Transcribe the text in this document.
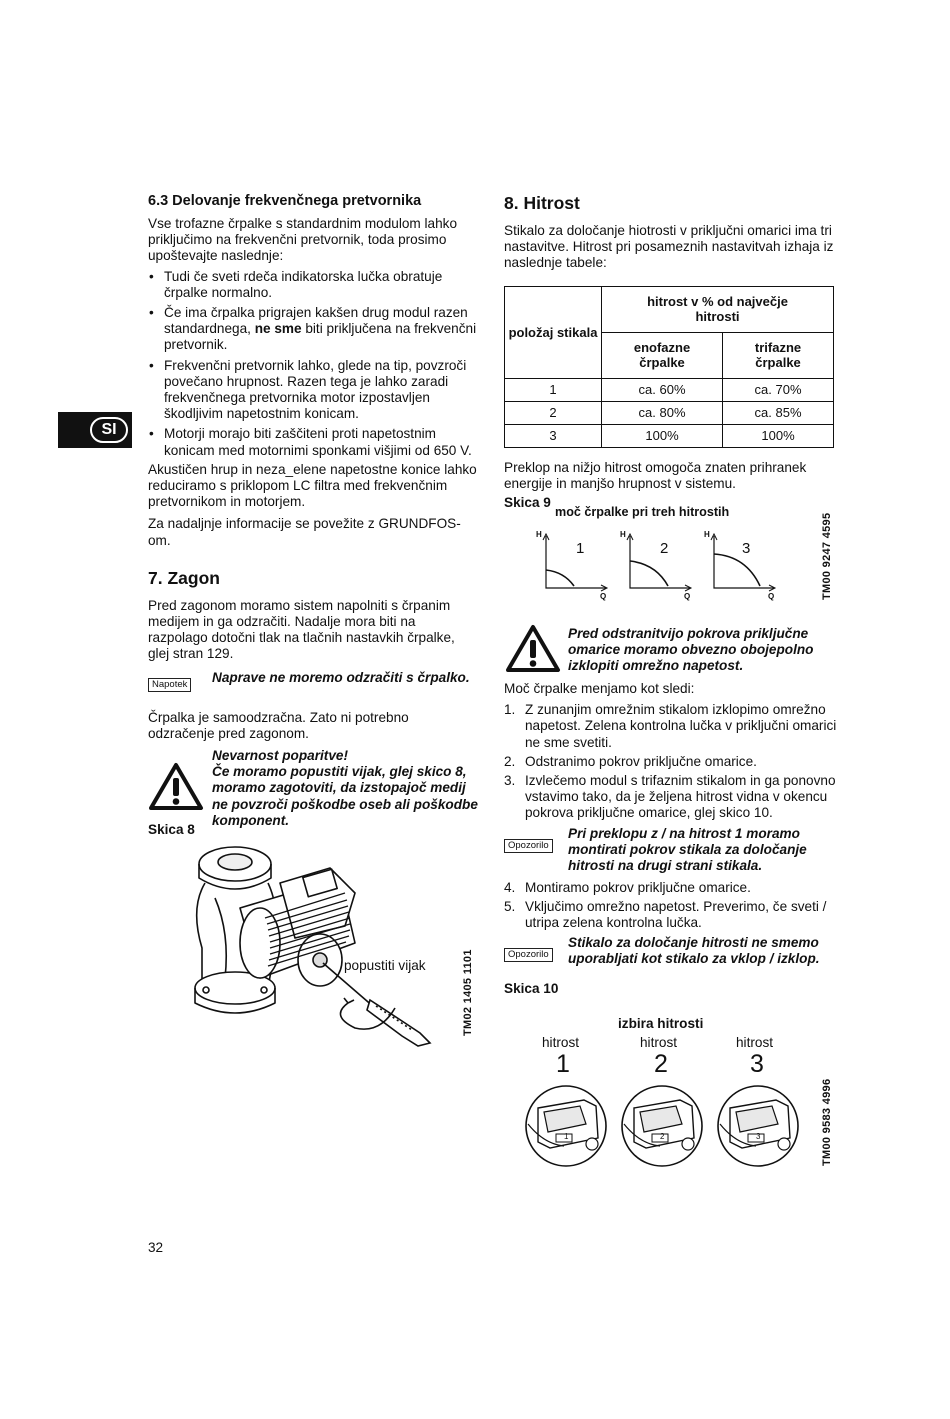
SI
6.3 Delovanje frekvenčnega pretvornika

Vse trofazne črpalke s standardnim modulom lahko priključimo na frekvenčni pretvornik, toda prosimo upoštevajte naslednje:

• Tudi če sveti rdeča indikatorska lučka obratuje črpalke normalno.
• Če ima črpalka prigrajen kakšen drug modul razen standardnega, ne sme biti priključena na frekvenčni pretvornik.
• Frekvenčni pretvornik lahko, glede na tip, povzroči povečano hrupnost. Razen tega je lahko zaradi frekvenčnega pretvornika motor izpostavljen škodljivim napetostnim konicam.
• Motorji morajo biti zaščiteni proti napetostnim konicam med motornimi sponkami višjimi od 650 V.

Akustičen hrup in neza_elene napetostne konice lahko reduciramo s priklopom LC filtra med frekvenčnim pretvornikom in motorjem.

Za nadaljnje informacije se povežite z GRUNDFOS-om.

7. Zagon

Pred zagonom moramo sistem napolniti s črpanim medijem in ga odzračiti. Nadalje mora biti na razpolago dotočni tlak na tlačnih nastavkih črpalke, glej stran 129.

Napotek Naprave ne moremo odzračiti s črpalko.

Črpalka je samoodzračna. Zato ni potrebno odzračenje pred zagonom.

Nevarnost poparitve!

Če moramo popustiti vijak, glej skico 8, moramo zagotoviti, da izstopajoč medij ne povzroči poškodbe oseb ali poškodbe komponent.

Skica 8

popustiti vijak	TM02 1405 1101
8. Hitrost

Stikalo za določanje hiotrosti v priključni omarici ima tri nastavitve. Hitrost pri posameznih nastavitvah izhaja iz naslednje tabele:

položaj stikala	hitrost v % od največje hitrosti	
	enofazne črpalke	trifazne črpalke
1	ca. 60%	ca. 70%
2	ca. 80%	ca. 85%
3	100%	100%

Preklop na nižjo hitrost omogoča znaten prihranek energije in manjšo hrupnost v sistemu.

Skica 9

moč črpalke pri treh hitrostih

H
1
Q
H
2
Q
H
3
Q	TM00 9247 4595

Pred odstranitvijo pokrova priključne omarice moramo obvezno obojepolno izklopiti omrežno napetost.

Moč črpalke menjamo kot sledi:

1. Z zunanjim omrežnim stikalom izklopimo omrežno napetost. Zelena kontrolna lučka v priključni omarici ne sme svetiti.
2. Odstranimo pokrov priključne omarice.
3. Izvlečemo modul s trifaznim stikalom in ga ponovno vstavimo tako, da je željena hitrost vidna v okencu pokrova priključne omarice, glej skico 10.
Opozorilo

Pri preklopu z / na hitrost 1 moramo montirati pokrov stikala za določanje hitrosti na drugi strani stikala.

4. Montiramo pokrov priključne omarice.
5. Vključimo omrežno napetost. Preverimo, če sveti / utripa zelena kontrolna lučka.
Opozorilo

Stikalo za določanje hitrosti ne smemo uporabljati kot stikalo za vklop / izklop.

Skica 10

izbira hitrosti

hitrost	hitrost	hitrost

1	2	3

1	2	3	TM00 9583 4996

32
